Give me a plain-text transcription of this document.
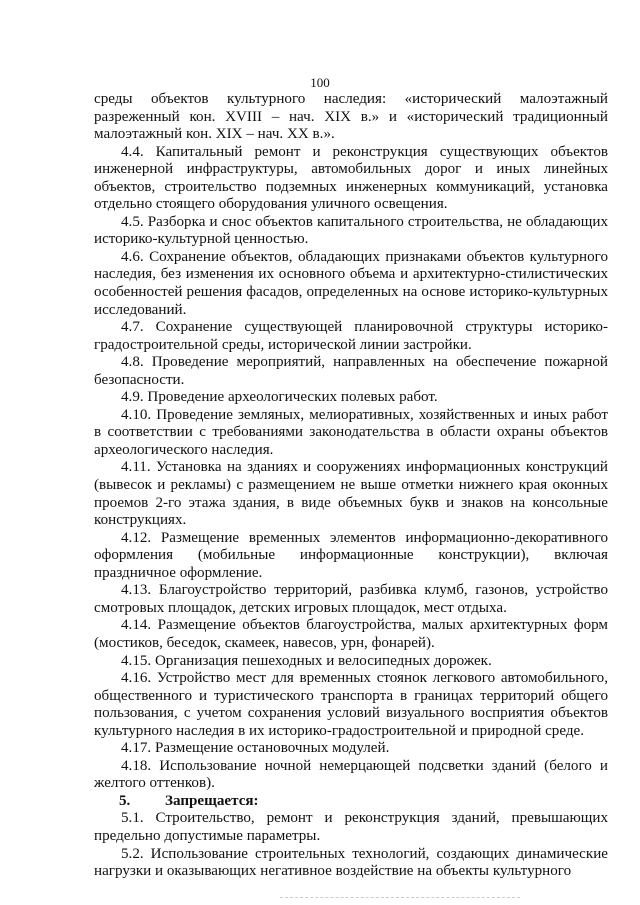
100

среды объектов культурного наследия: «исторический малоэтажный разреженный кон. XVIII – нач. XIX в.» и «исторический традиционный малоэтажный кон. XIX – нач. XX в.».

4.4. Капитальный ремонт и реконструкция существующих объектов инженерной инфраструктуры, автомобильных дорог и иных линейных объектов, строительство подземных инженерных коммуникаций, установка отдельно стоящего оборудования уличного освещения.

4.5. Разборка и снос объектов капитального строительства, не обладающих историко-культурной ценностью.

4.6. Сохранение объектов, обладающих признаками объектов культурного наследия, без изменения их основного объема и архитектурно-стилистических особенностей решения фасадов, определенных на основе историко-культурных исследований.

4.7. Сохранение существующей планировочной структуры историко-градостроительной среды, исторической линии застройки.

4.8. Проведение мероприятий, направленных на обеспечение пожарной безопасности.

4.9. Проведение археологических полевых работ.

4.10. Проведение земляных, мелиоративных, хозяйственных и иных работ в соответствии с требованиями законодательства в области охраны объектов археологического наследия.

4.11. Установка на зданиях и сооружениях информационных конструкций (вывесок и рекламы) с размещением не выше отметки нижнего края оконных проемов 2-го этажа здания, в виде объемных букв и знаков на консольные конструкциях.

4.12. Размещение временных элементов информационно-декоративного оформления (мобильные информационные конструкции), включая праздничное оформление.

4.13. Благоустройство территорий, разбивка клумб, газонов, устройство смотровых площадок, детских игровых площадок, мест отдыха.

4.14. Размещение объектов благоустройства, малых архитектурных форм (мостиков, беседок, скамеек, навесов, урн, фонарей).

4.15. Организация пешеходных и велосипедных дорожек.

4.16. Устройство мест для временных стоянок легкового автомобильного, общественного и туристического транспорта в границах территорий общего пользования, с учетом сохранения условий визуального восприятия объектов культурного наследия в их историко-градостроительной и природной среде.

4.17. Размещение остановочных модулей.

4.18. Использование ночной немерцающей подсветки зданий (белого и желтого оттенков).

5. Запрещается:

5.1. Строительство, ремонт и реконструкция зданий, превышающих предельно допустимые параметры.

5.2. Использование строительных технологий, создающих динамические нагрузки и оказывающих негативное воздействие на объекты культурного
